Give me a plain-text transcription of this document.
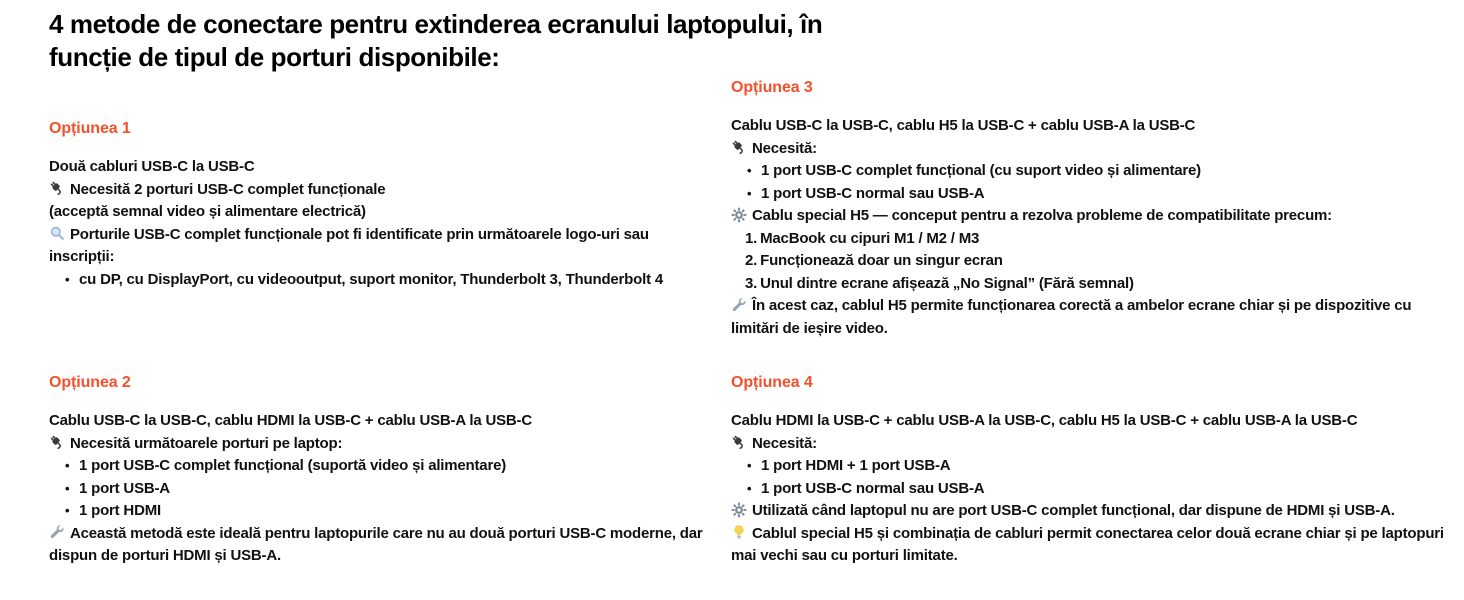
4 metode de conectare pentru extinderea ecranului laptopului, în
funcție de tipul de porturi disponibile:
Opțiunea 1

Două cabluri USB-C la USB-C

Necesită 2 porturi USB-C complet funcționale

(acceptă semnal video și alimentare electrică)

Porturile USB-C complet funcționale pot fi identificate prin următoarele logo-uri sau inscripții:

• cu DP, cu DisplayPort, cu videooutput, suport monitor, Thunderbolt 3, Thunderbolt 4
Opțiunea 2

Cablu USB-C la USB-C, cablu HDMI la USB-C + cablu USB-A la USB-C

Necesită următoarele porturi pe laptop:

• 1 port USB-C complet funcțional (suportă video și alimentare)
• 1 port USB-A
• 1 port HDMI

Această metodă este ideală pentru laptopurile care nu au două porturi USB-C moderne, dar dispun de porturi HDMI și USB-A.

Opțiunea 3

Cablu USB-C la USB-C, cablu H5 la USB-C + cablu USB-A la USB-C

Necesită:

• 1 port USB-C complet funcțional (cu suport video și alimentare)
• 1 port USB-C normal sau USB-A

Cablu special H5 — conceput pentru a rezolva probleme de compatibilitate precum:

1. MacBook cu cipuri M1 / M2 / M3

2. Funcționează doar un singur ecran

3. Unul dintre ecrane afișează „No Signal” (Fără semnal)

În acest caz, cablul H5 permite funcționarea corectă a ambelor ecrane chiar și pe dispozitive cu limitări de ieșire video.

Opțiunea 4

Cablu HDMI la USB-C + cablu USB-A la USB-C, cablu H5 la USB-C + cablu USB-A la USB-C

Necesită:

• 1 port HDMI + 1 port USB-A
• 1 port USB-C normal sau USB-A

Utilizată când laptopul nu are port USB-C complet funcțional, dar dispune de HDMI și USB-A.

Cablul special H5 și combinația de cabluri permit conectarea celor două ecrane chiar și pe laptopuri mai vechi sau cu porturi limitate.
